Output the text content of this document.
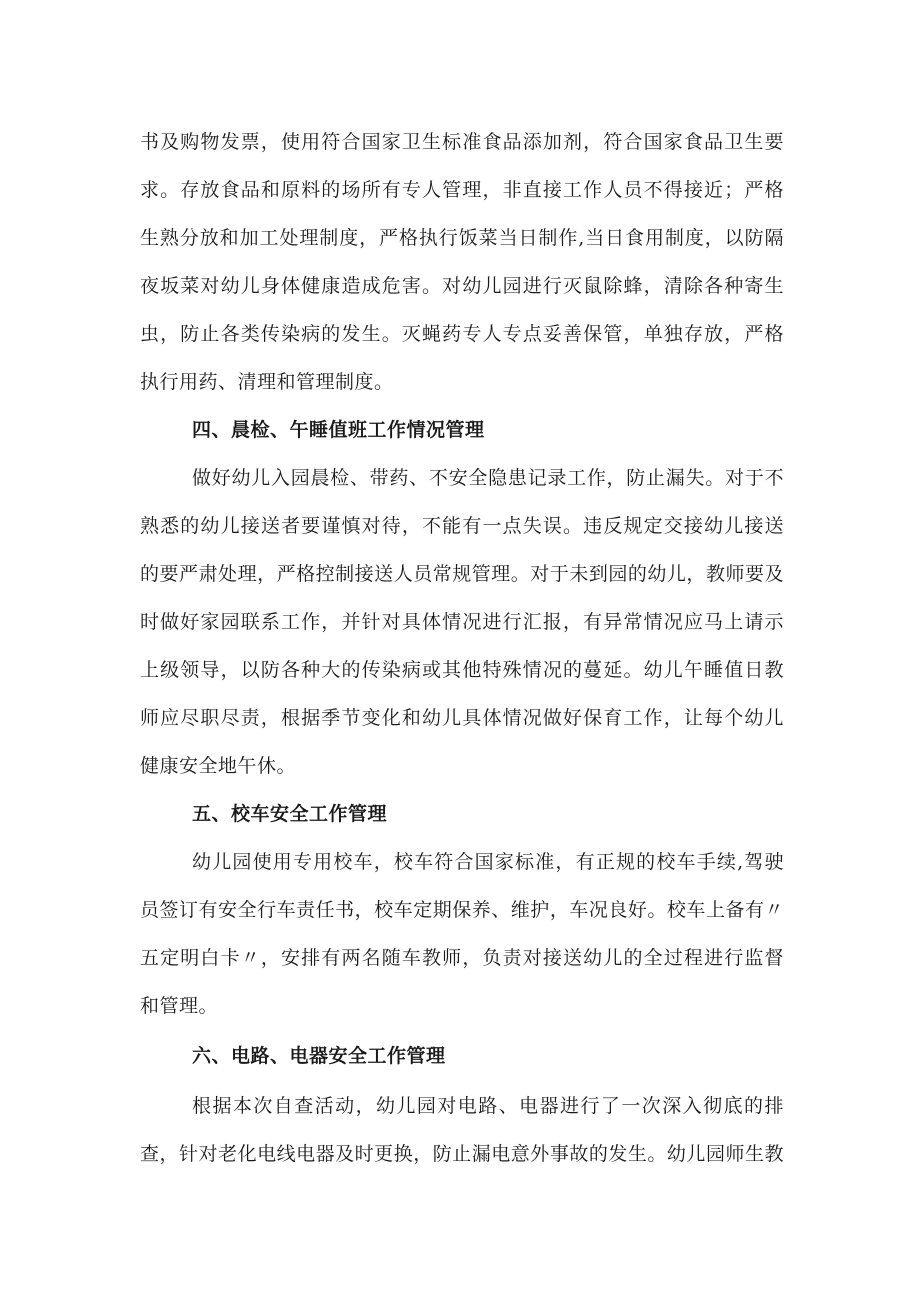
书及购物发票，使用符合国家卫生标准食品添加剂，符合国家食品卫生要
求。存放食品和原料的场所有专人管理，非直接工作人员不得接近；严格
生熟分放和加工处理制度，严格执行饭菜当日制作,当日食用制度，以防隔
夜坂菜对幼儿身体健康造成危害。对幼儿园进行灭鼠除蜂，清除各种寄生
虫，防止各类传染病的发生。灭蝇药专人专点妥善保管，单独存放，严格
执行用药、清理和管理制度。
四、晨检、午睡值班工作情况管理
做好幼儿入园晨检、带药、不安全隐患记录工作，防止漏失。对于不
熟悉的幼儿接送者要谨慎对待，不能有一点失误。违反规定交接幼儿接送
的要严肃处理，严格控制接送人员常规管理。对于未到园的幼儿，教师要及
时做好家园联系工作，并针对具体情况进行汇报，有异常情况应马上请示
上级领导，以防各种大的传染病或其他特殊情况的蔓延。幼儿午睡值日教
师应尽职尽责，根据季节变化和幼儿具体情况做好保育工作，让每个幼儿
健康安全地午休。
五、校车安全工作管理
幼儿园使用专用校车，校车符合国家标准，有正规的校车手续,驾驶
员签订有安全行车责任书，校车定期保养、维护，车况良好。校车上备有〃
五定明白卡〃，安排有两名随车教师，负责对接送幼儿的全过程进行监督
和管理。
六、电路、电器安全工作管理
根据本次自查活动，幼儿园对电路、电器进行了一次深入彻底的排
查，针对老化电线电器及时更换，防止漏电意外事故的发生。幼儿园师生教
